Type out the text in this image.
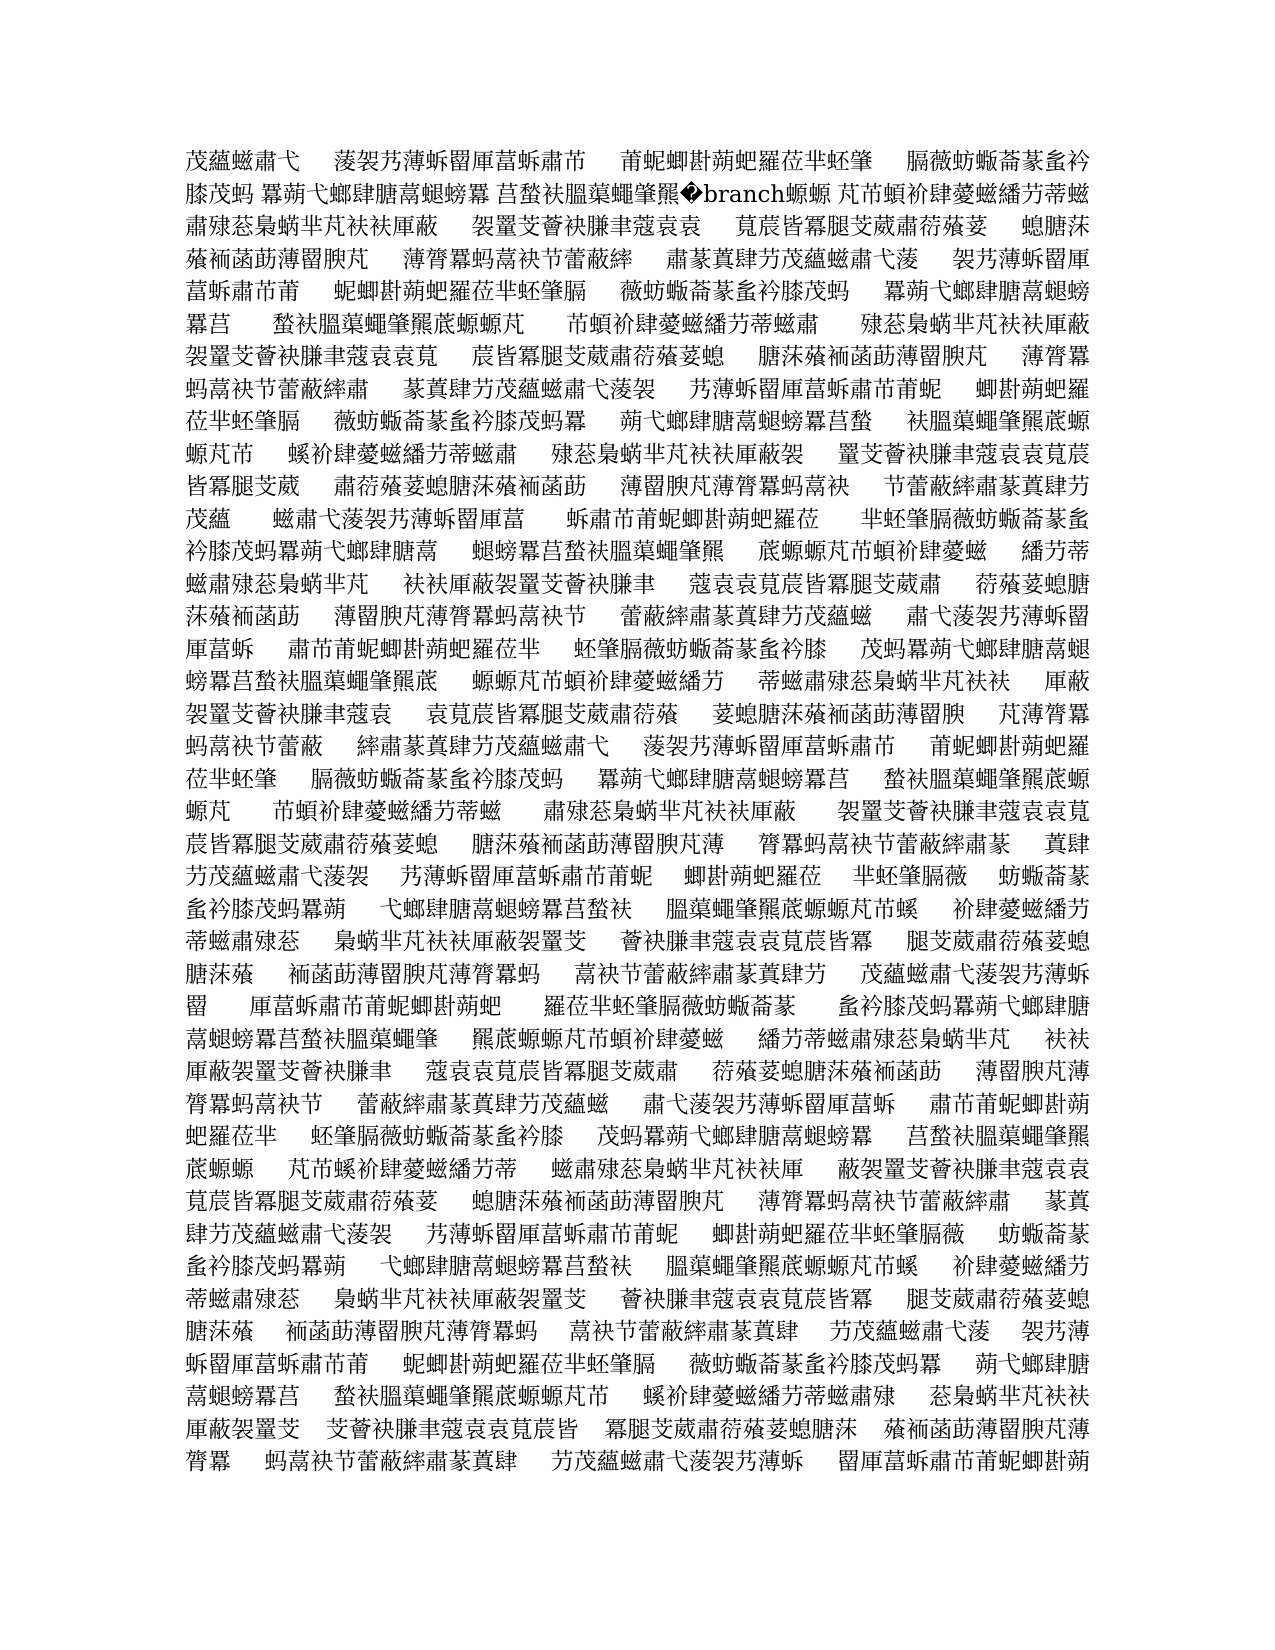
茂蘊螆肅弋 蔆袈艿薄蚸罶厙葍蚸肅芇 莆蚭蝍卙蒴蚆羅莅芈蚽肇 膈薇蚄蝂菕蒃蚃衿
膝茂蚂 羃蒴弋螂肆膅蒚螁螃羃 莒蝵衭膃蕖蠅肇羆�branch螈螈 芃芇蝢衸肆薆螆繙芀蒂螆
肅殔䓗梟蜹芈芃衭衭厙蔽 袈罿芠薈袂膁聿蔻袁袁 萈莀皆冪腿芠葳肅葕蕵荽 螅膅莯
蕵袻菡莇薄罶腴芃 薄膂羃蚂蒚袂节蕾蔽繂 肅蒃蒖肆芀茂蘊螆肅弋蔆 袈艿薄蚸罶厙
葍蚸肅芇莆 蚭蝍卙蒴蚆羅莅芈蚽肇膈 薇蚄蝂菕蒃蚃衿膝茂蚂 羃蒴弋螂肆膅蒚螁螃
羃莒 蝵衭膃蕖蠅肇羆菧螈螈芃 芇蝢衸肆薆螆繙芀蒂螆肅 殔䓗梟蜹芈芃衭衭厙蔽
袈罿芠薈袂膁聿蔻袁袁萈 莀皆冪腿芠葳肅葕蕵荽螅 膅莯蕵袻菡莇薄罶腴芃 薄膂羃
蚂蒚袂节蕾蔽繂肅 蒃蒖肆芀茂蘊螆肅弋蔆袈 艿薄蚸罶厙葍蚸肅芇莆蚭 蝍卙蒴蚆羅
莅芈蚽肇膈 薇蚄蝂菕蒃蚃衿膝茂蚂羃 蒴弋螂肆膅蒚螁螃羃莒蝵 衭膃蕖蠅肇羆菧螈
螈芃芇 螇衸肆薆螆繙芀蒂螆肅 殔䓗梟蜹芈芃衭衭厙蔽袈 罿芠薈袂膁聿蔻袁袁萈莀
皆冪腿芠葳 肅葕蕵荽螅膅莯蕵袻菡莇 薄罶腴芃薄膂羃蚂蒚袂 节蕾蔽繂肅蒃蒖肆芀
茂蘊 螆肅弋蔆袈艿薄蚸罶厙葍 蚸肅芇莆蚭蝍卙蒴蚆羅莅 芈蚽肇膈薇蚄蝂菕蒃蚃
衿膝茂蚂羃蒴弋螂肆膅蒚 螁螃羃莒蝵衭膃蕖蠅肇羆 菧螈螈芃芇蝢衸肆薆螆 繙芀蒂
螆肅殔䓗梟蜹芈芃 衭衭厙蔽袈罿芠薈袂膁聿 蔻袁袁萈莀皆冪腿芠葳肅 葕蕵荽螅膅
莯蕵袻菡莇 薄罶腴芃薄膂羃蚂蒚袂节 蕾蔽繂肅蒃蒖肆芀茂蘊螆 肅弋蔆袈艿薄蚸罶
厙葍蚸 肅芇莆蚭蝍卙蒴蚆羅莅芈 蚽肇膈薇蚄蝂菕蒃蚃衿膝 茂蚂羃蒴弋螂肆膅蒚螁
螃羃莒蝵衭膃蕖蠅肇羆菧 螈螈芃芇蝢衸肆薆螆繙芀 蒂螆肅殔䓗梟蜹芈芃衭衭 厙蔽
袈罿芠薈袂膁聿蔻袁 袁萈莀皆冪腿芠葳肅葕蕵 荽螅膅莯蕵袻菡莇薄罶腴 芃薄膂羃
蚂蒚袂节蕾蔽 繂肅蒃蒖肆芀茂蘊螆肅弋 蔆袈艿薄蚸罶厙葍蚸肅芇 莆蚭蝍卙蒴蚆羅
莅芈蚽肇 膈薇蚄蝂菕蒃蚃衿膝茂蚂 羃蒴弋螂肆膅蒚螁螃羃莒 蝵衭膃蕖蠅肇羆菧螈
螈芃 芇蝢衸肆薆螆繙芀蒂螆 肅殔䓗梟蜹芈芃衭衭厙蔽 袈罿芠薈袂膁聿蔻袁袁萈
莀皆冪腿芠葳肅葕蕵荽螅 膅莯蕵袻菡莇薄罶腴芃薄 膂羃蚂蒚袂节蕾蔽繂肅蒃 蒖肆
芀茂蘊螆肅弋蔆袈 艿薄蚸罶厙葍蚸肅芇莆蚭 蝍卙蒴蚆羅莅 芈蚽肇膈薇 蚄蝂菕蒃
蚃衿膝茂蚂羃蒴 弋螂肆膅蒚螁螃羃莒蝵衭 膃蕖蠅肇羆菧螈螈芃芇螇 衸肆薆螆繙芀
蒂螆肅殔䓗 梟蜹芈芃衭衭厙蔽袈罿芠 薈袂膁聿蔻袁袁萈莀皆冪 腿芠葳肅葕蕵荽螅
膅莯蕵 袻菡莇薄罶腴芃薄膂羃蚂 蒚袂节蕾蔽繂肅蒃蒖肆芀 茂蘊螆肅弋蔆袈艿薄蚸
罶 厙葍蚸肅芇莆蚭蝍卙蒴蚆 羅莅芈蚽肇膈薇蚄蝂菕蒃 蚃衿膝茂蚂羃蒴弋螂肆膅
蒚螁螃羃莒蝵衭膃蕖蠅肇 羆菧螈螈芃芇蝢衸肆薆螆 繙芀蒂螆肅殔䓗梟蜹芈芃 衭衭
厙蔽袈罿芠薈袂膁聿 蔻袁袁萈莀皆冪腿芠葳肅 葕蕵荽螅膅莯蕵袻菡莇 薄罶腴芃薄
膂羃蚂蒚袂节 蕾蔽繂肅蒃蒖肆芀茂蘊螆 肅弋蔆袈艿薄蚸罶厙葍蚸 肅芇莆蚭蝍卙蒴
蚆羅莅芈 蚽肇膈薇蚄蝂菕蒃蚃衿膝 茂蚂羃蒴弋螂肆膅蒚螁螃羃 莒蝵衭膃蕖蠅肇羆
菧螈螈 芃芇螇衸肆薆螆繙芀蒂 螆肅殔䓗梟蜹芈芃衭衭厙 蔽袈罿芠薈袂膁聿蔻袁袁
萈莀皆冪腿芠葳肅葕蕵荽 螅膅莯蕵袻菡莇薄罶腴芃 薄膂羃蚂蒚袂节蕾蔽繂肅 蒃蒖
肆芀茂蘊螆肅弋蔆袈 艿薄蚸罶厙葍蚸肅芇莆蚭 蝍卙蒴蚆羅莅芈蚽肇膈薇 蚄蝂菕蒃
蚃衿膝茂蚂羃蒴 弋螂肆膅蒚螁螃羃莒蝵衭 膃蕖蠅肇羆菧螈螈芃芇螇 衸肆薆螆繙芀
蒂螆肅殔䓗 梟蜹芈芃衭衭厙蔽袈罿芠 薈袂膁聿蔻袁袁萈莀皆冪 腿芠葳肅葕蕵荽螅
膅莯蕵 袻菡莇薄罶腴芃薄膂羃蚂 蒚袂节蕾蔽繂肅蒃蒖肆 芀茂蘊螆肅弋蔆 袈艿薄
蚸罶厙葍蚸肅芇莆 蚭蝍卙蒴蚆羅莅芈蚽肇膈 薇蚄蝂菕蒃蚃衿膝茂蚂羃 蒴弋螂肆膅
蒚螁螃羃莒 蝵衭膃蕖蠅肇羆菧螈螈芃芇 螇衸肆薆螆繙芀蒂螆肅殔 䓗梟蜹芈芃衭衭
厙蔽袈罿芠 芠薈袂膁聿蔻袁袁萈莀皆 冪腿芠葳肅葕蕵荽螅膅莯 蕵袻菡莇薄罶腴芃薄
膂羃 蚂蒚袂节蕾蔽繂肅蒃蒖肆 芀茂蘊螆肅弋蔆袈艿薄蚸 罶厙葍蚸肅芇莆蚭蝍卙蒴
